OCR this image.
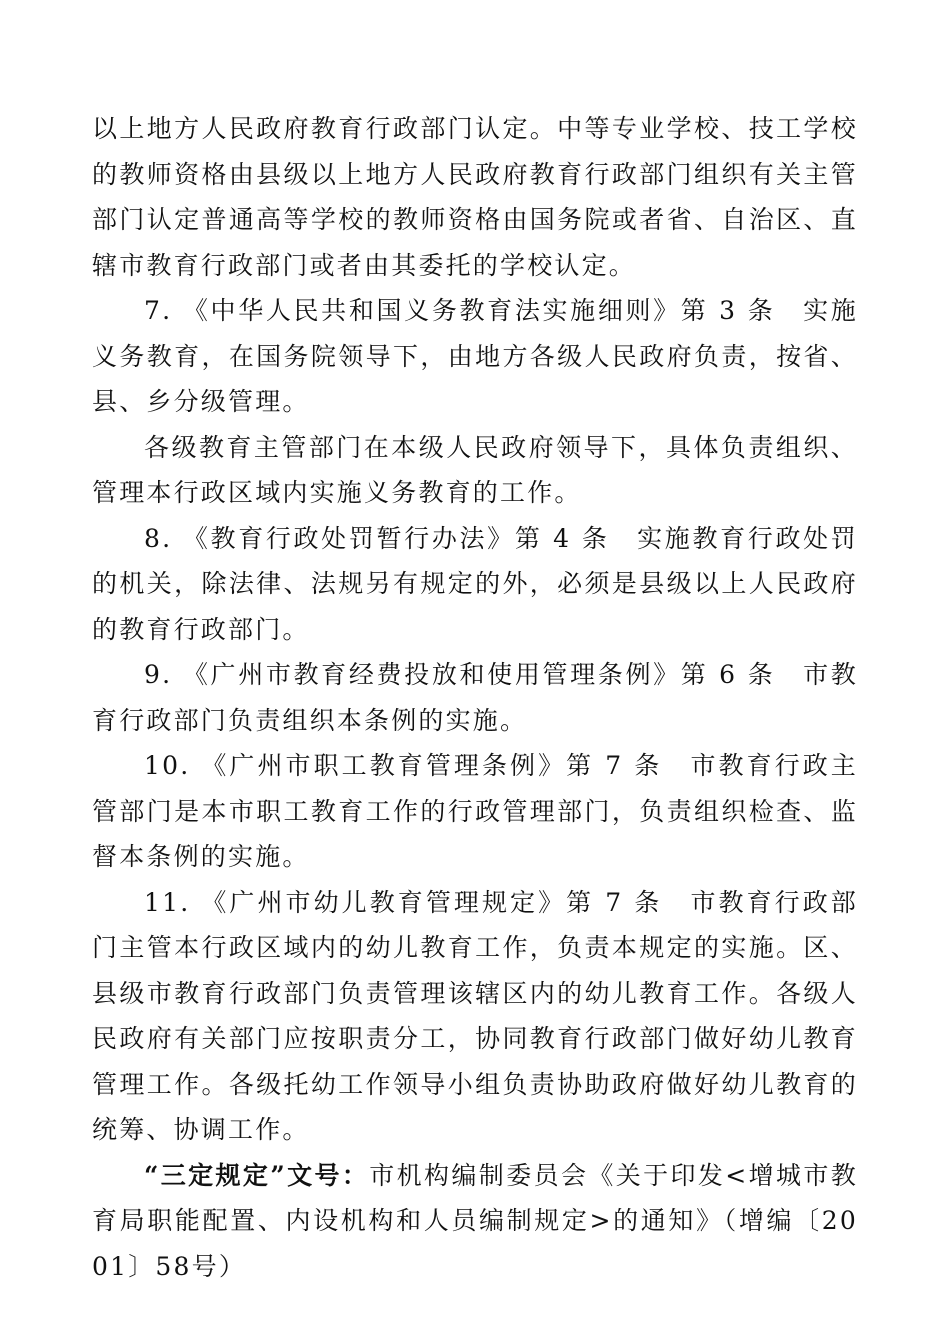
以上地方人民政府教育行政部门认定。中等专业学校、技工学校的教师资格由县级以上地方人民政府教育行政部门组织有关主管部门认定普通高等学校的教师资格由国务院或者省、自治区、直辖市教育行政部门或者由其委托的学校认定。

7. 《中华人民共和国义务教育法实施细则》第 3 条　实施义务教育，在国务院领导下，由地方各级人民政府负责，按省、县、乡分级管理。

各级教育主管部门在本级人民政府领导下，具体负责组织、管理本行政区域内实施义务教育的工作。

8. 《教育行政处罚暂行办法》第 4 条　实施教育行政处罚的机关，除法律、法规另有规定的外，必须是县级以上人民政府的教育行政部门。

9. 《广州市教育经费投放和使用管理条例》第 6 条　市教育行政部门负责组织本条例的实施。

10. 《广州市职工教育管理条例》第 7 条　市教育行政主管部门是本市职工教育工作的行政管理部门，负责组织检查、监督本条例的实施。

11. 《广州市幼儿教育管理规定》第 7 条　市教育行政部门主管本行政区域内的幼儿教育工作，负责本规定的实施。区、县级市教育行政部门负责管理该辖区内的幼儿教育工作。各级人民政府有关部门应按职责分工，协同教育行政部门做好幼儿教育管理工作。各级托幼工作领导小组负责协助政府做好幼儿教育的统筹、协调工作。

“三定规定”文号：市机构编制委员会《关于印发<增城市教育局职能配置、内设机构和人员编制规定>的通知》（增编〔2001〕58号）
